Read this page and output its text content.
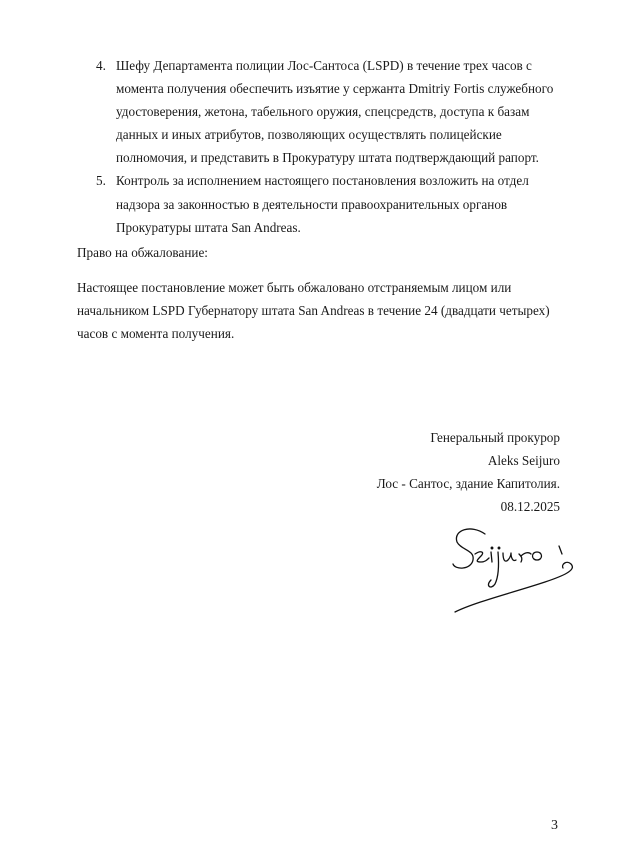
4. Шефу Департамента полиции Лос-Сантоса (LSPD) в течение трех часов с момента получения обеспечить изъятие у сержанта Dmitriy Fortis служебного удостоверения, жетона, табельного оружия, спецсредств, доступа к базам данных и иных атрибутов, позволяющих осуществлять полицейские полномочия, и представить в Прокуратуру штата подтверждающий рапорт.
5. Контроль за исполнением настоящего постановления возложить на отдел надзора за законностью в деятельности правоохранительных органов Прокуратуры штата San Andreas.

Право на обжалование:

Настоящее постановление может быть обжаловано отстраняемым лицом или начальником LSPD Губернатору штата San Andreas в течение 24 (двадцати четырех) часов с момента получения.

Генеральный прокурор
Aleks Seijuro
Лос - Сантос, здание Капитолия.
08.12.2025
3
